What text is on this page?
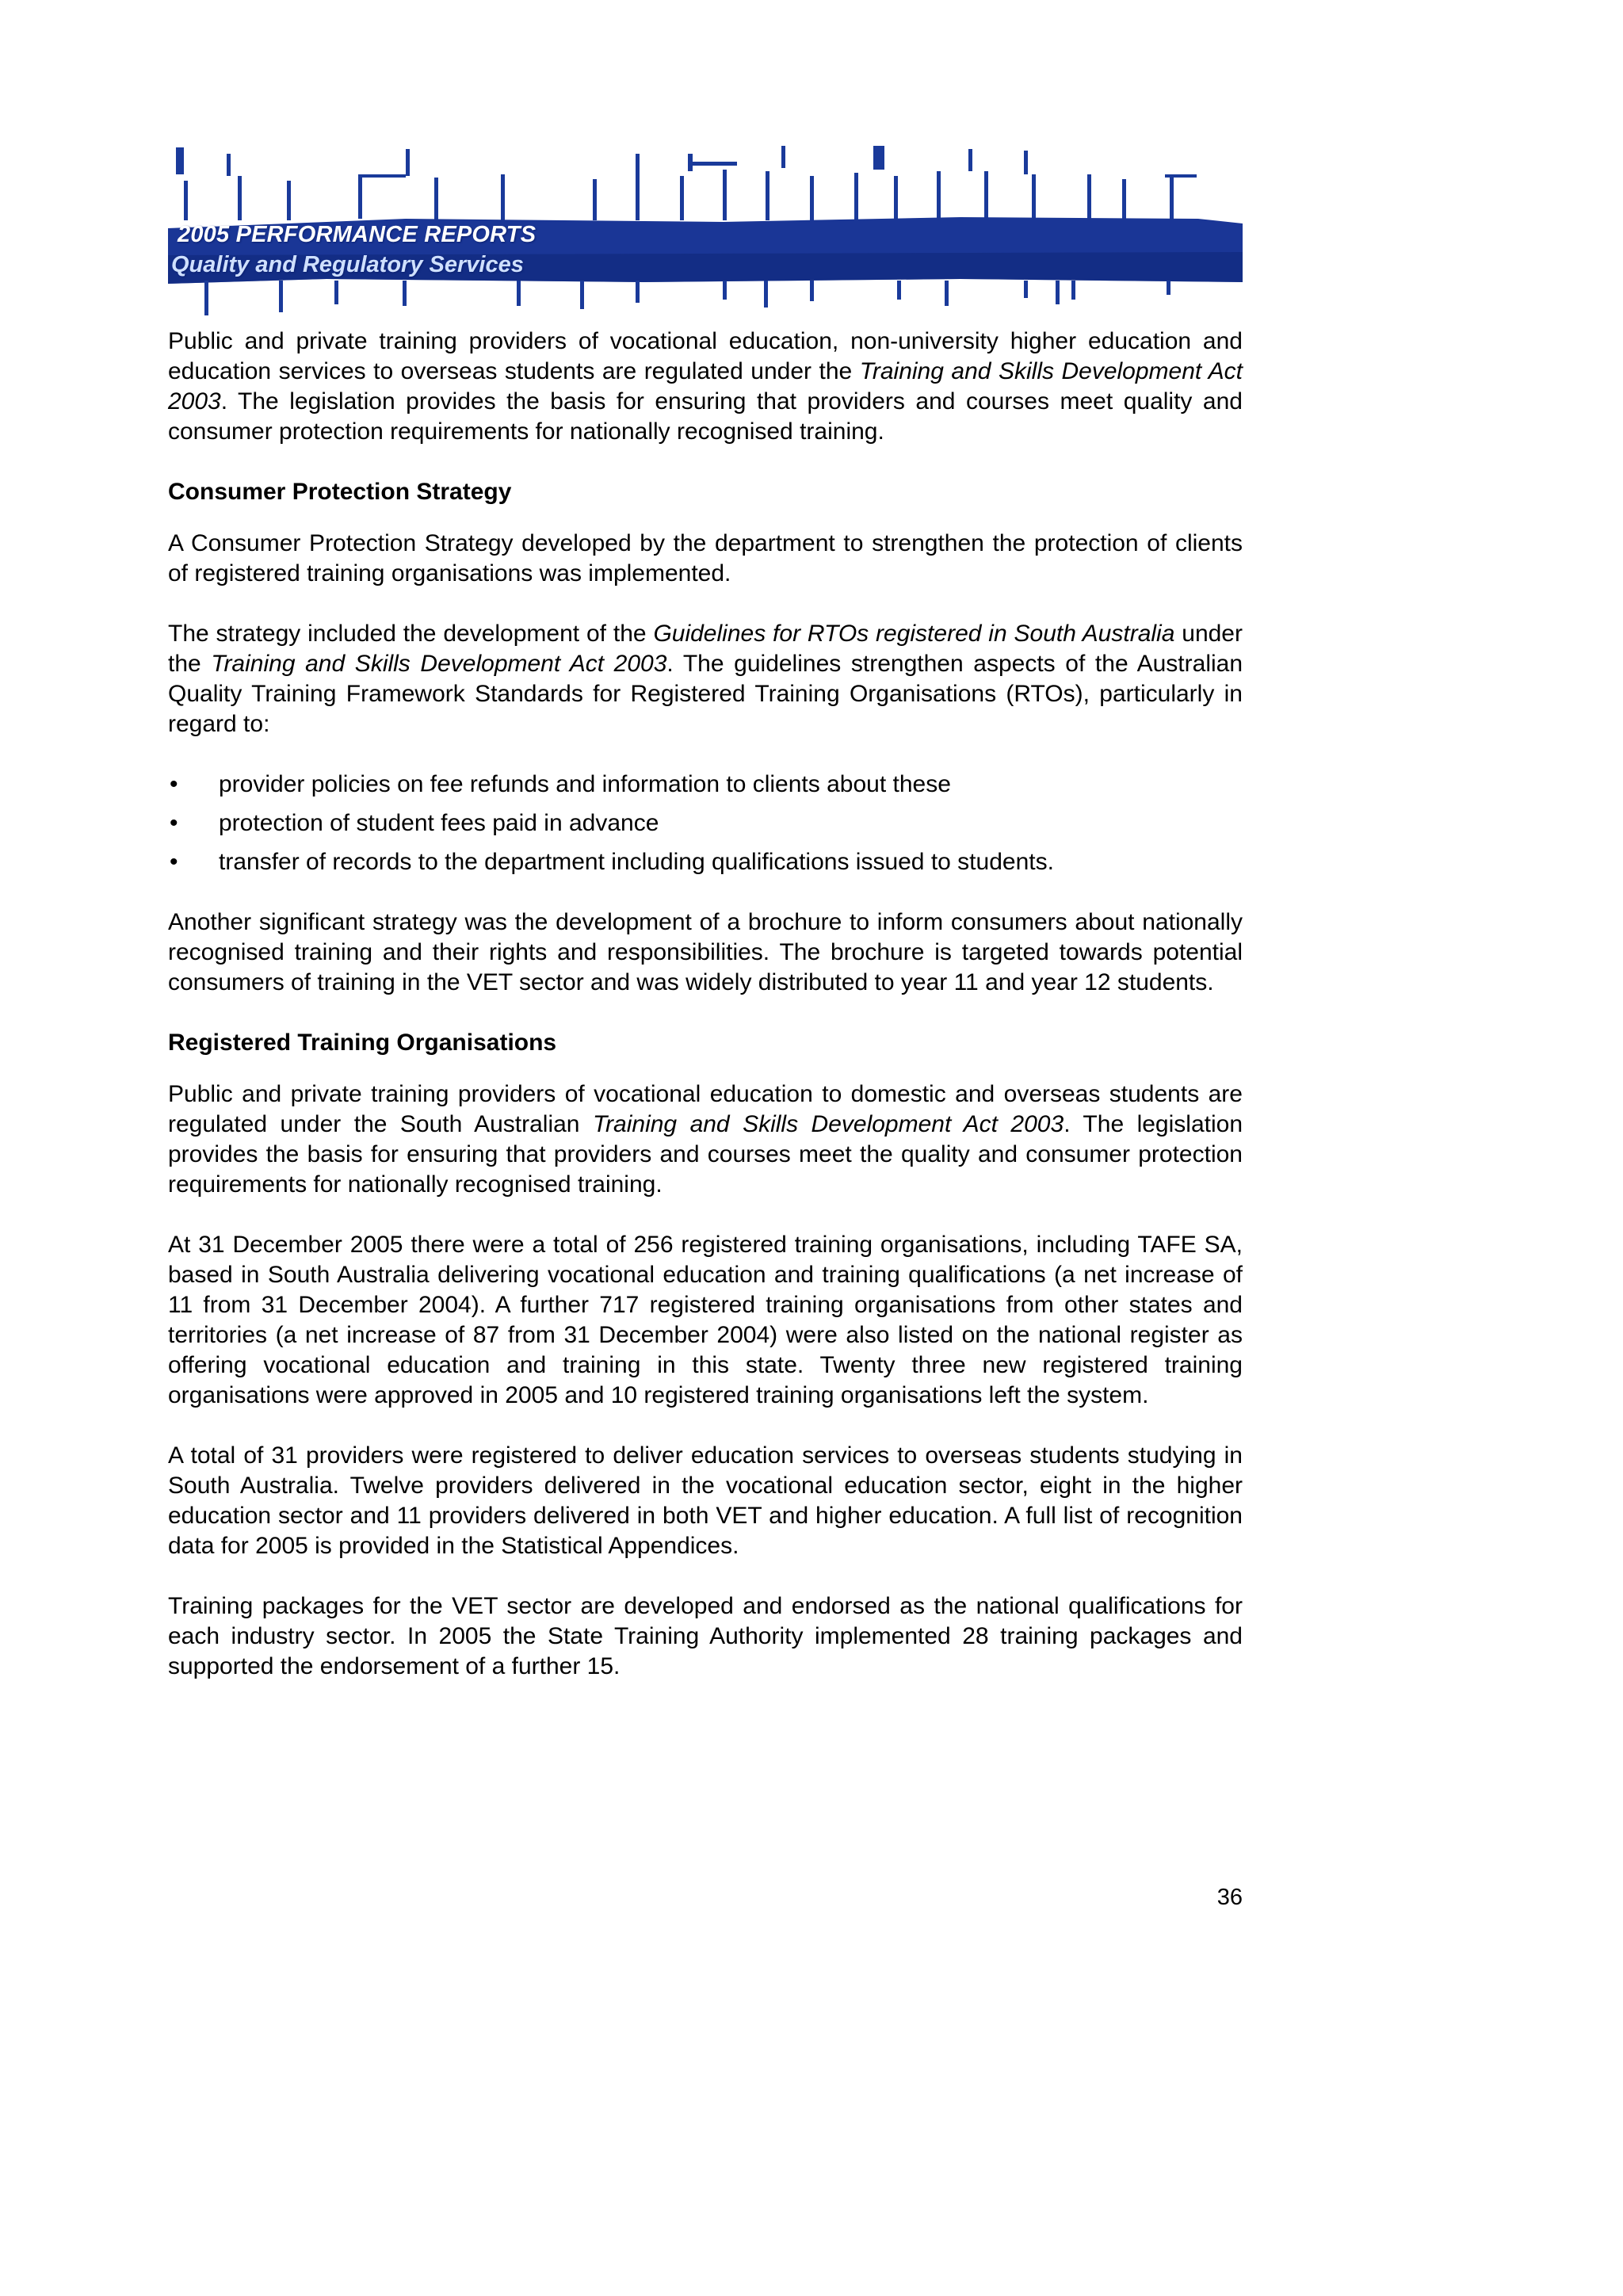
2005 PERFORMANCE REPORTS
Quality and Regulatory Services

Public and private training providers of vocational education, non-university higher education and education services to overseas students are regulated under the Training and Skills Development Act 2003. The legislation provides the basis for ensuring that providers and courses meet quality and consumer protection requirements for nationally recognised training.

Consumer Protection Strategy

A Consumer Protection Strategy developed by the department to strengthen the protection of clients of registered training organisations was implemented.

The strategy included the development of the Guidelines for RTOs registered in South Australia under the Training and Skills Development Act 2003. The guidelines strengthen aspects of the Australian Quality Training Framework Standards for Registered Training Organisations (RTOs), particularly in regard to:

• provider policies on fee refunds and information to clients about these
• protection of student fees paid in advance
• transfer of records to the department including qualifications issued to students.

Another significant strategy was the development of a brochure to inform consumers about nationally recognised training and their rights and responsibilities. The brochure is targeted towards potential consumers of training in the VET sector and was widely distributed to year 11 and year 12 students.

Registered Training Organisations

Public and private training providers of vocational education to domestic and overseas students are regulated under the South Australian Training and Skills Development Act 2003. The legislation provides the basis for ensuring that providers and courses meet the quality and consumer protection requirements for nationally recognised training.

At 31 December 2005 there were a total of 256 registered training organisations, including TAFE SA, based in South Australia delivering vocational education and training qualifications (a net increase of 11 from 31 December 2004). A further 717 registered training organisations from other states and territories (a net increase of 87 from 31 December 2004) were also listed on the national register as offering vocational education and training in this state. Twenty three new registered training organisations were approved in 2005 and 10 registered training organisations left the system.

A total of 31 providers were registered to deliver education services to overseas students studying in South Australia. Twelve providers delivered in the vocational education sector, eight in the higher education sector and 11 providers delivered in both VET and higher education. A full list of recognition data for 2005 is provided in the Statistical Appendices.

Training packages for the VET sector are developed and endorsed as the national qualifications for each industry sector. In 2005 the State Training Authority implemented 28 training packages and supported the endorsement of a further 15.

36
